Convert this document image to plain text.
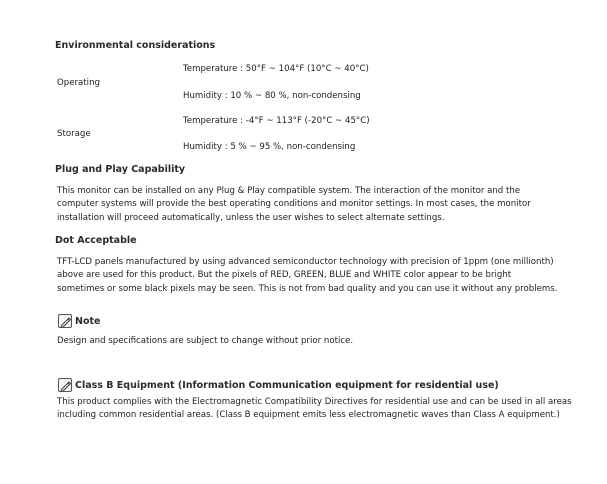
Environmental considerations
Temperature : 50°F ~ 104°F (10°C ~ 40°C)
Operating
Humidity : 10 % ~ 80 %, non-condensing
Temperature : -4°F ~ 113°F (-20°C ~ 45°C)
Storage
Humidity : 5 % ~ 95 %, non-condensing
Plug and Play Capability

This monitor can be installed on any Plug & Play compatible system. The interaction of the monitor and the

computer systems will provide the best operating conditions and monitor settings. In most cases, the monitor

installation will proceed automatically, unless the user wishes to select alternate settings.

Dot Acceptable

TFT-LCD panels manufactured by using advanced semiconductor technology with precision of 1ppm (one millionth)

above are used for this product. But the pixels of RED, GREEN, BLUE and WHITE color appear to be bright

sometimes or some black pixels may be seen. This is not from bad quality and you can use it without any problems.

Note
Design and specifications are subject to change without prior notice.
Class B Equipment (Information Communication equipment for residential use)

This product complies with the Electromagnetic Compatibility Directives for residential use and can be used in all areas

including common residential areas. (Class B equipment emits less electromagnetic waves than Class A equipment.)
